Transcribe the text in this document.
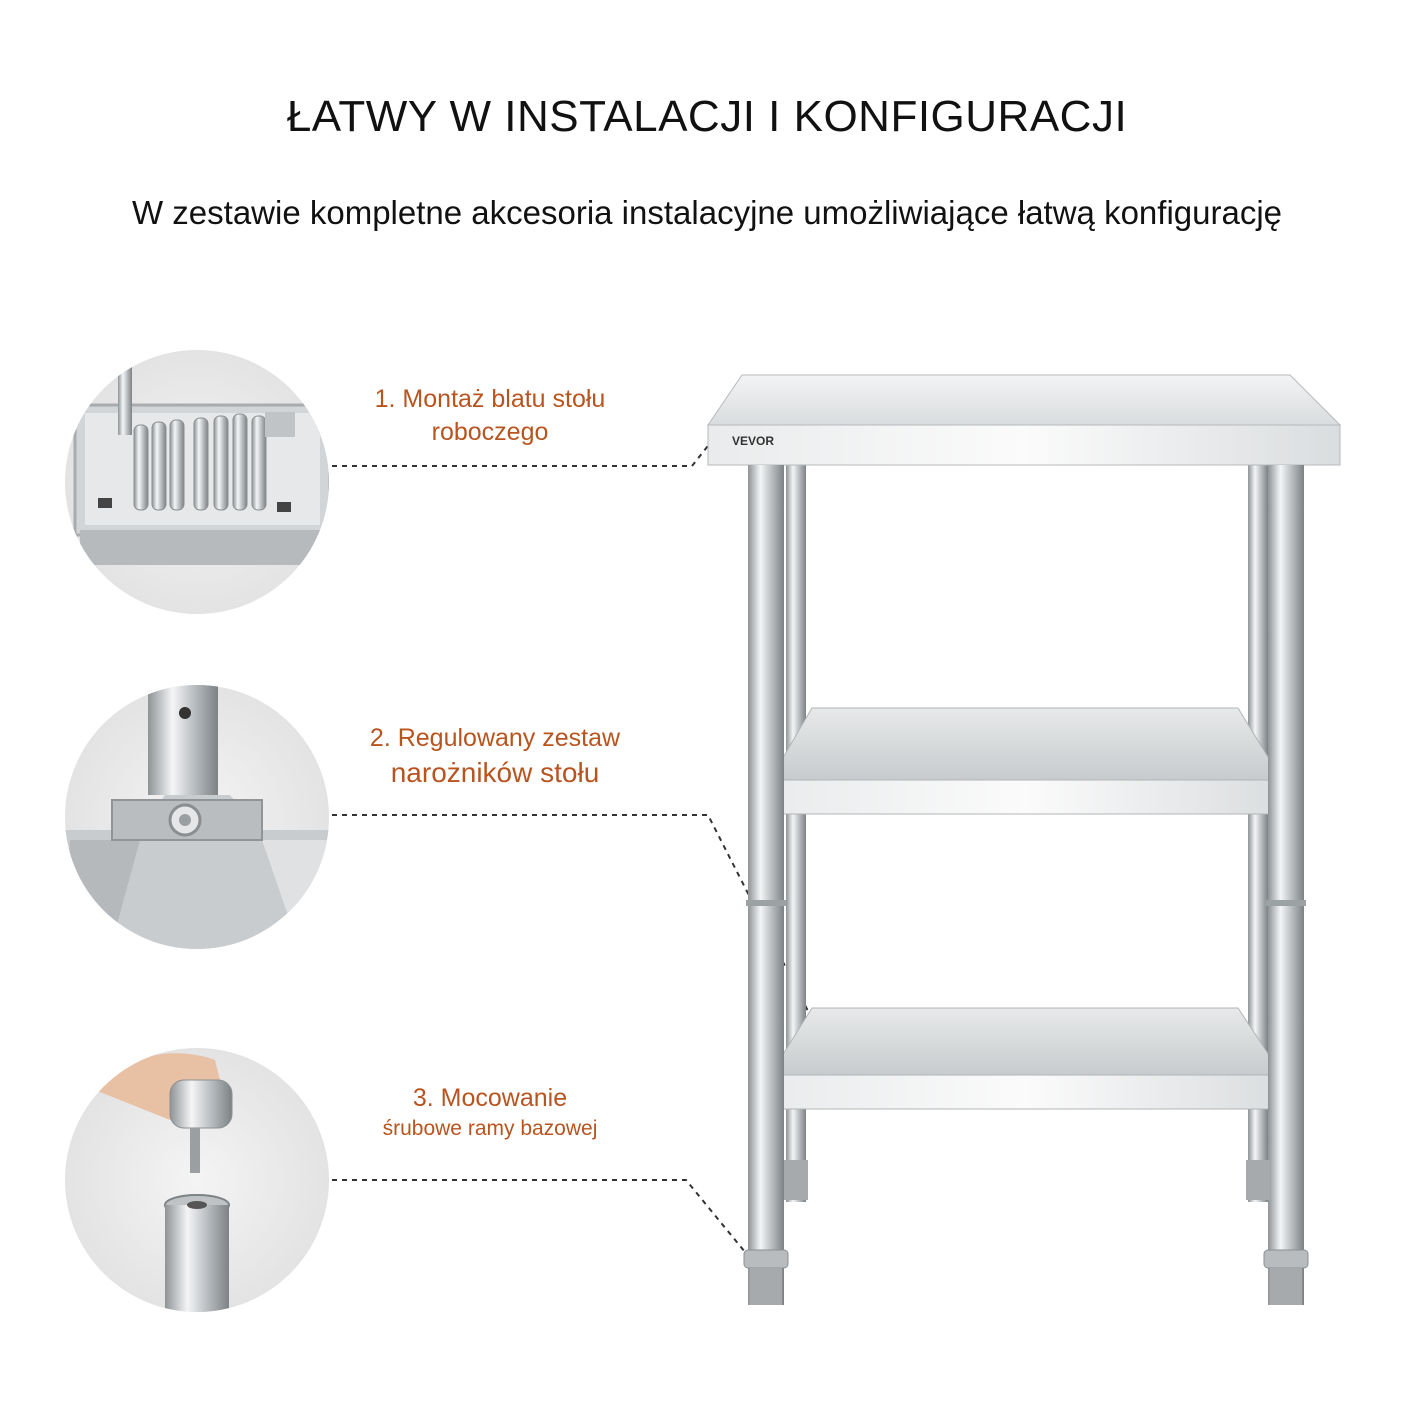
ŁATWY W INSTALACJI I KONFIGURACJI
W zestawie kompletne akcesoria instalacyjne umożliwiające łatwą konfigurację
VEVOR
1. Montaż blatu stołu
roboczego
2. Regulowany zestaw
narożników stołu
3. Mocowanie
śrubowe ramy bazowej
